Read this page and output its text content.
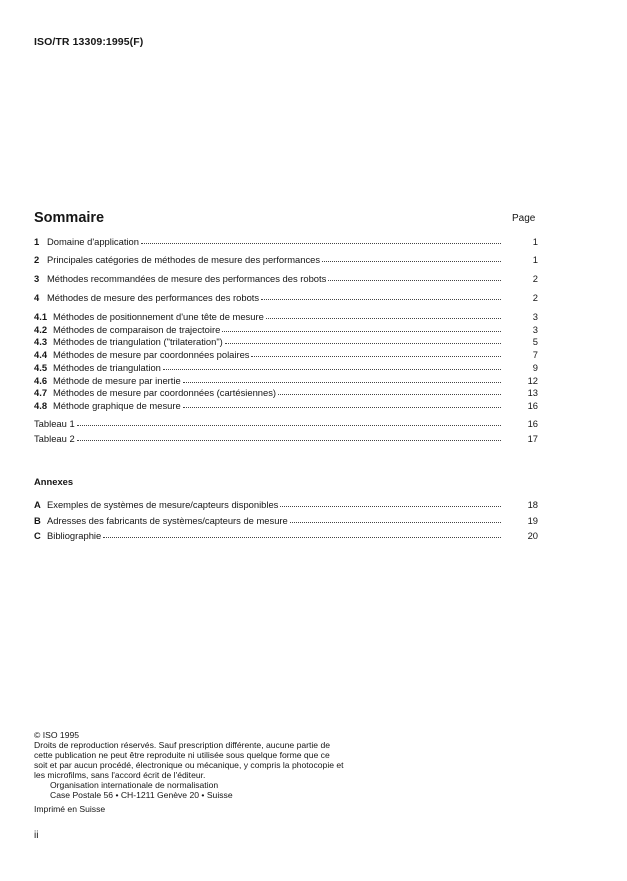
ISO/TR 13309:1995(F)
Sommaire	Page
1 Domaine d'application	1
2 Principales catégories de méthodes de mesure des performances	1
3 Méthodes recommandées de mesure des performances des robots	2
4 Méthodes de mesure des performances des robots	2
4.1 Méthodes de positionnement d'une tête de mesure	3
4.2 Méthodes de comparaison de trajectoire	3
4.3 Méthodes de triangulation ("trilateration")	5
4.4 Méthodes de mesure par coordonnées polaires	7
4.5 Méthodes de triangulation	9
4.6 Méthode de mesure par inertie	12
4.7 Méthodes de mesure par coordonnées (cartésiennes)	13
4.8 Méthode graphique de mesure	16
Tableau 1	16
Tableau 2	17
Annexes
A Exemples de systèmes de mesure/capteurs disponibles	18
B Adresses des fabricants de systèmes/capteurs de mesure	19
C Bibliographie	20
© ISO 1995
Droits de reproduction réservés. Sauf prescription différente, aucune partie de
cette publication ne peut être reproduite ni utilisée sous quelque forme que ce
soit et par aucun procédé, électronique ou mécanique, y compris la photocopie et
les microfilms, sans l'accord écrit de l'éditeur.
Organisation internationale de normalisation
Case Postale 56 • CH-1211 Genève 20 • Suisse
Imprimé en Suisse
ii
